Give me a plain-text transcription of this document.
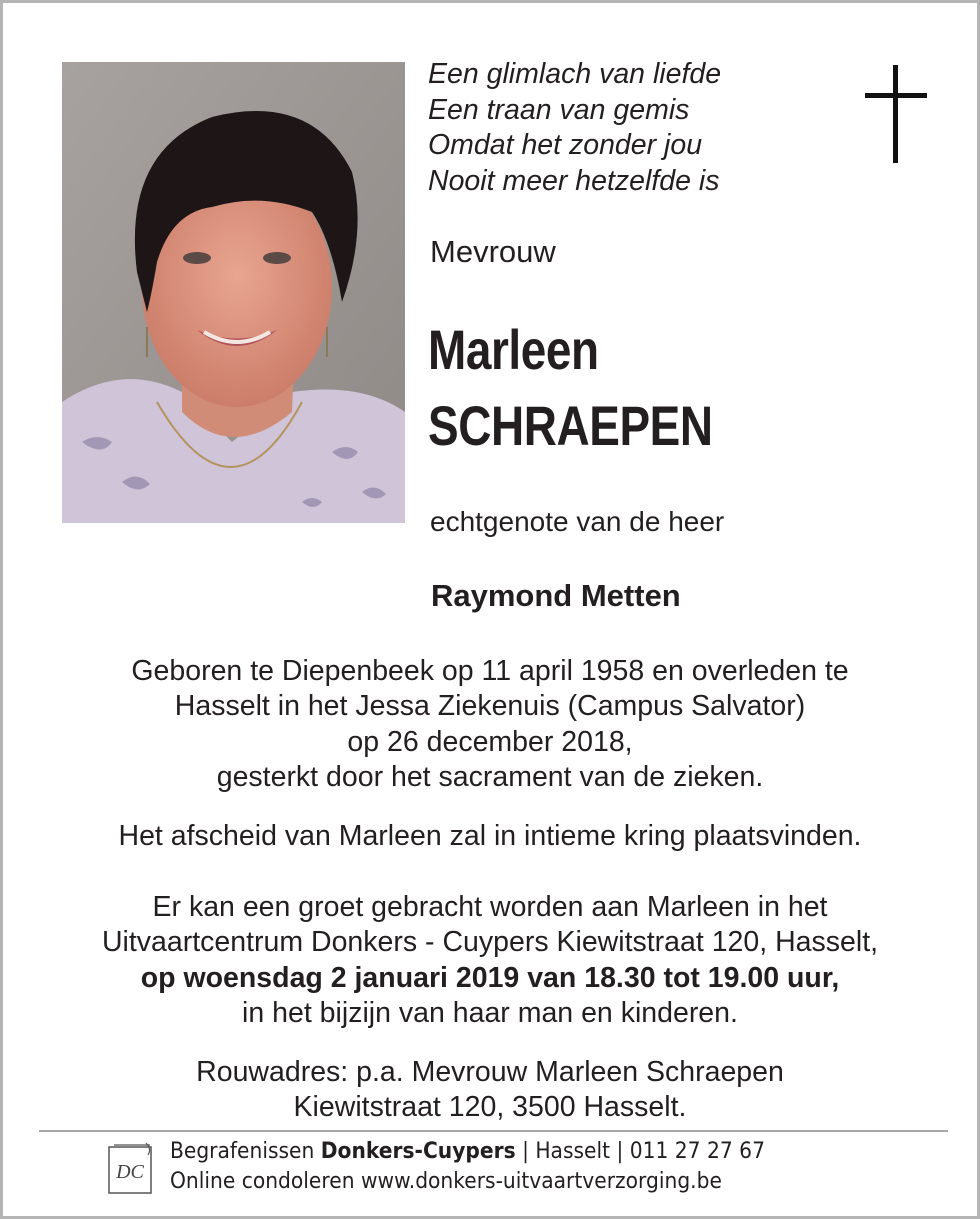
Een glimlach van liefde
Een traan van gemis
Omdat het zonder jou
Nooit meer hetzelfde is
Mevrouw
Marleen
SCHRAEPEN
echtgenote van de heer
Raymond Metten
Geboren te Diepenbeek op 11 april 1958 en overleden te
Hasselt in het Jessa Ziekenuis (Campus Salvator)
op 26 december 2018,
gesterkt door het sacrament van de zieken.
Het afscheid van Marleen zal in intieme kring plaatsvinden.
Er kan een groet gebracht worden aan Marleen in het
Uitvaartcentrum Donkers - Cuypers Kiewitstraat 120, Hasselt,
op woensdag 2 januari 2019 van 18.30 tot 19.00 uur,
in het bijzijn van haar man en kinderen.
Rouwadres: p.a. Mevrouw Marleen Schraepen
Kiewitstraat 120, 3500 Hasselt.
DC
Begrafenissen Donkers-Cuypers | Hasselt | 011 27 27 67
Online condoleren www.donkers-uitvaartverzorging.be
